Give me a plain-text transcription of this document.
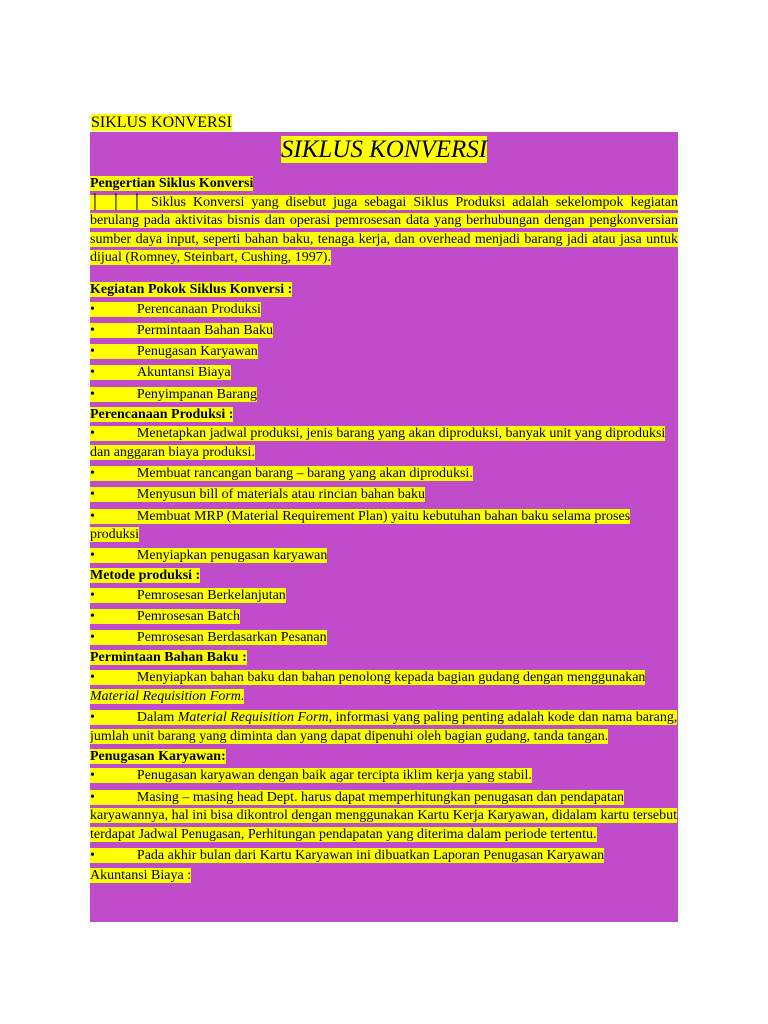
SIKLUS KONVERSI
SIKLUS KONVERSI
Pengertian Siklus Konversi

│ │ │ Siklus Konversi yang disebut juga sebagai Siklus Produksi adalah sekelompok kegiatan berulang pada aktivitas bisnis dan operasi pemrosesan data yang berhubungan dengan pengkonversian sumber daya input, seperti bahan baku, tenaga kerja, dan overhead menjadi barang jadi atau jasa untuk dijual (Romney, Steinbart, Cushing, 1997).

Kegiatan Pokok Siklus Konversi :
•	Perencanaan Produksi
•	Permintaan Bahan Baku
•	Penugasan Karyawan
•	Akuntansi Biaya
•	Penyimpanan Barang
Perencanaan Produksi :
•	Menetapkan jadwal produksi, jenis barang yang akan diproduksi, banyak unit yang diproduksi dan anggaran biaya produksi.
•	Membuat rancangan barang – barang yang akan diproduksi.
•	Menyusun bill of materials atau rincian bahan baku
•	Membuat MRP (Material Requirement Plan) yaitu kebutuhan bahan baku selama proses produksi
•	Menyiapkan penugasan karyawan
Metode produksi :
•	Pemrosesan Berkelanjutan
•	Pemrosesan Batch
•	Pemrosesan Berdasarkan Pesanan
Permintaan Bahan Baku :
•	Menyiapkan bahan baku dan bahan penolong kepada bagian gudang dengan menggunakan Material Requisition Form.
•	Dalam Material Requisition Form, informasi yang paling penting adalah kode dan nama barang, jumlah unit barang yang diminta dan yang dapat dipenuhi oleh bagian gudang, tanda tangan.
Penugasan Karyawan:
•	Penugasan karyawan dengan baik agar tercipta iklim kerja yang stabil.
•	Masing – masing head Dept. harus dapat memperhitungkan penugasan dan pendapatan karyawannya, hal ini bisa dikontrol dengan menggunakan Kartu Kerja Karyawan, didalam kartu tersebut terdapat Jadwal Penugasan, Perhitungan pendapatan yang diterima dalam periode tertentu.
•	Pada akhir bulan dari Kartu Karyawan ini dibuatkan Laporan Penugasan Karyawan
Akuntansi Biaya :
